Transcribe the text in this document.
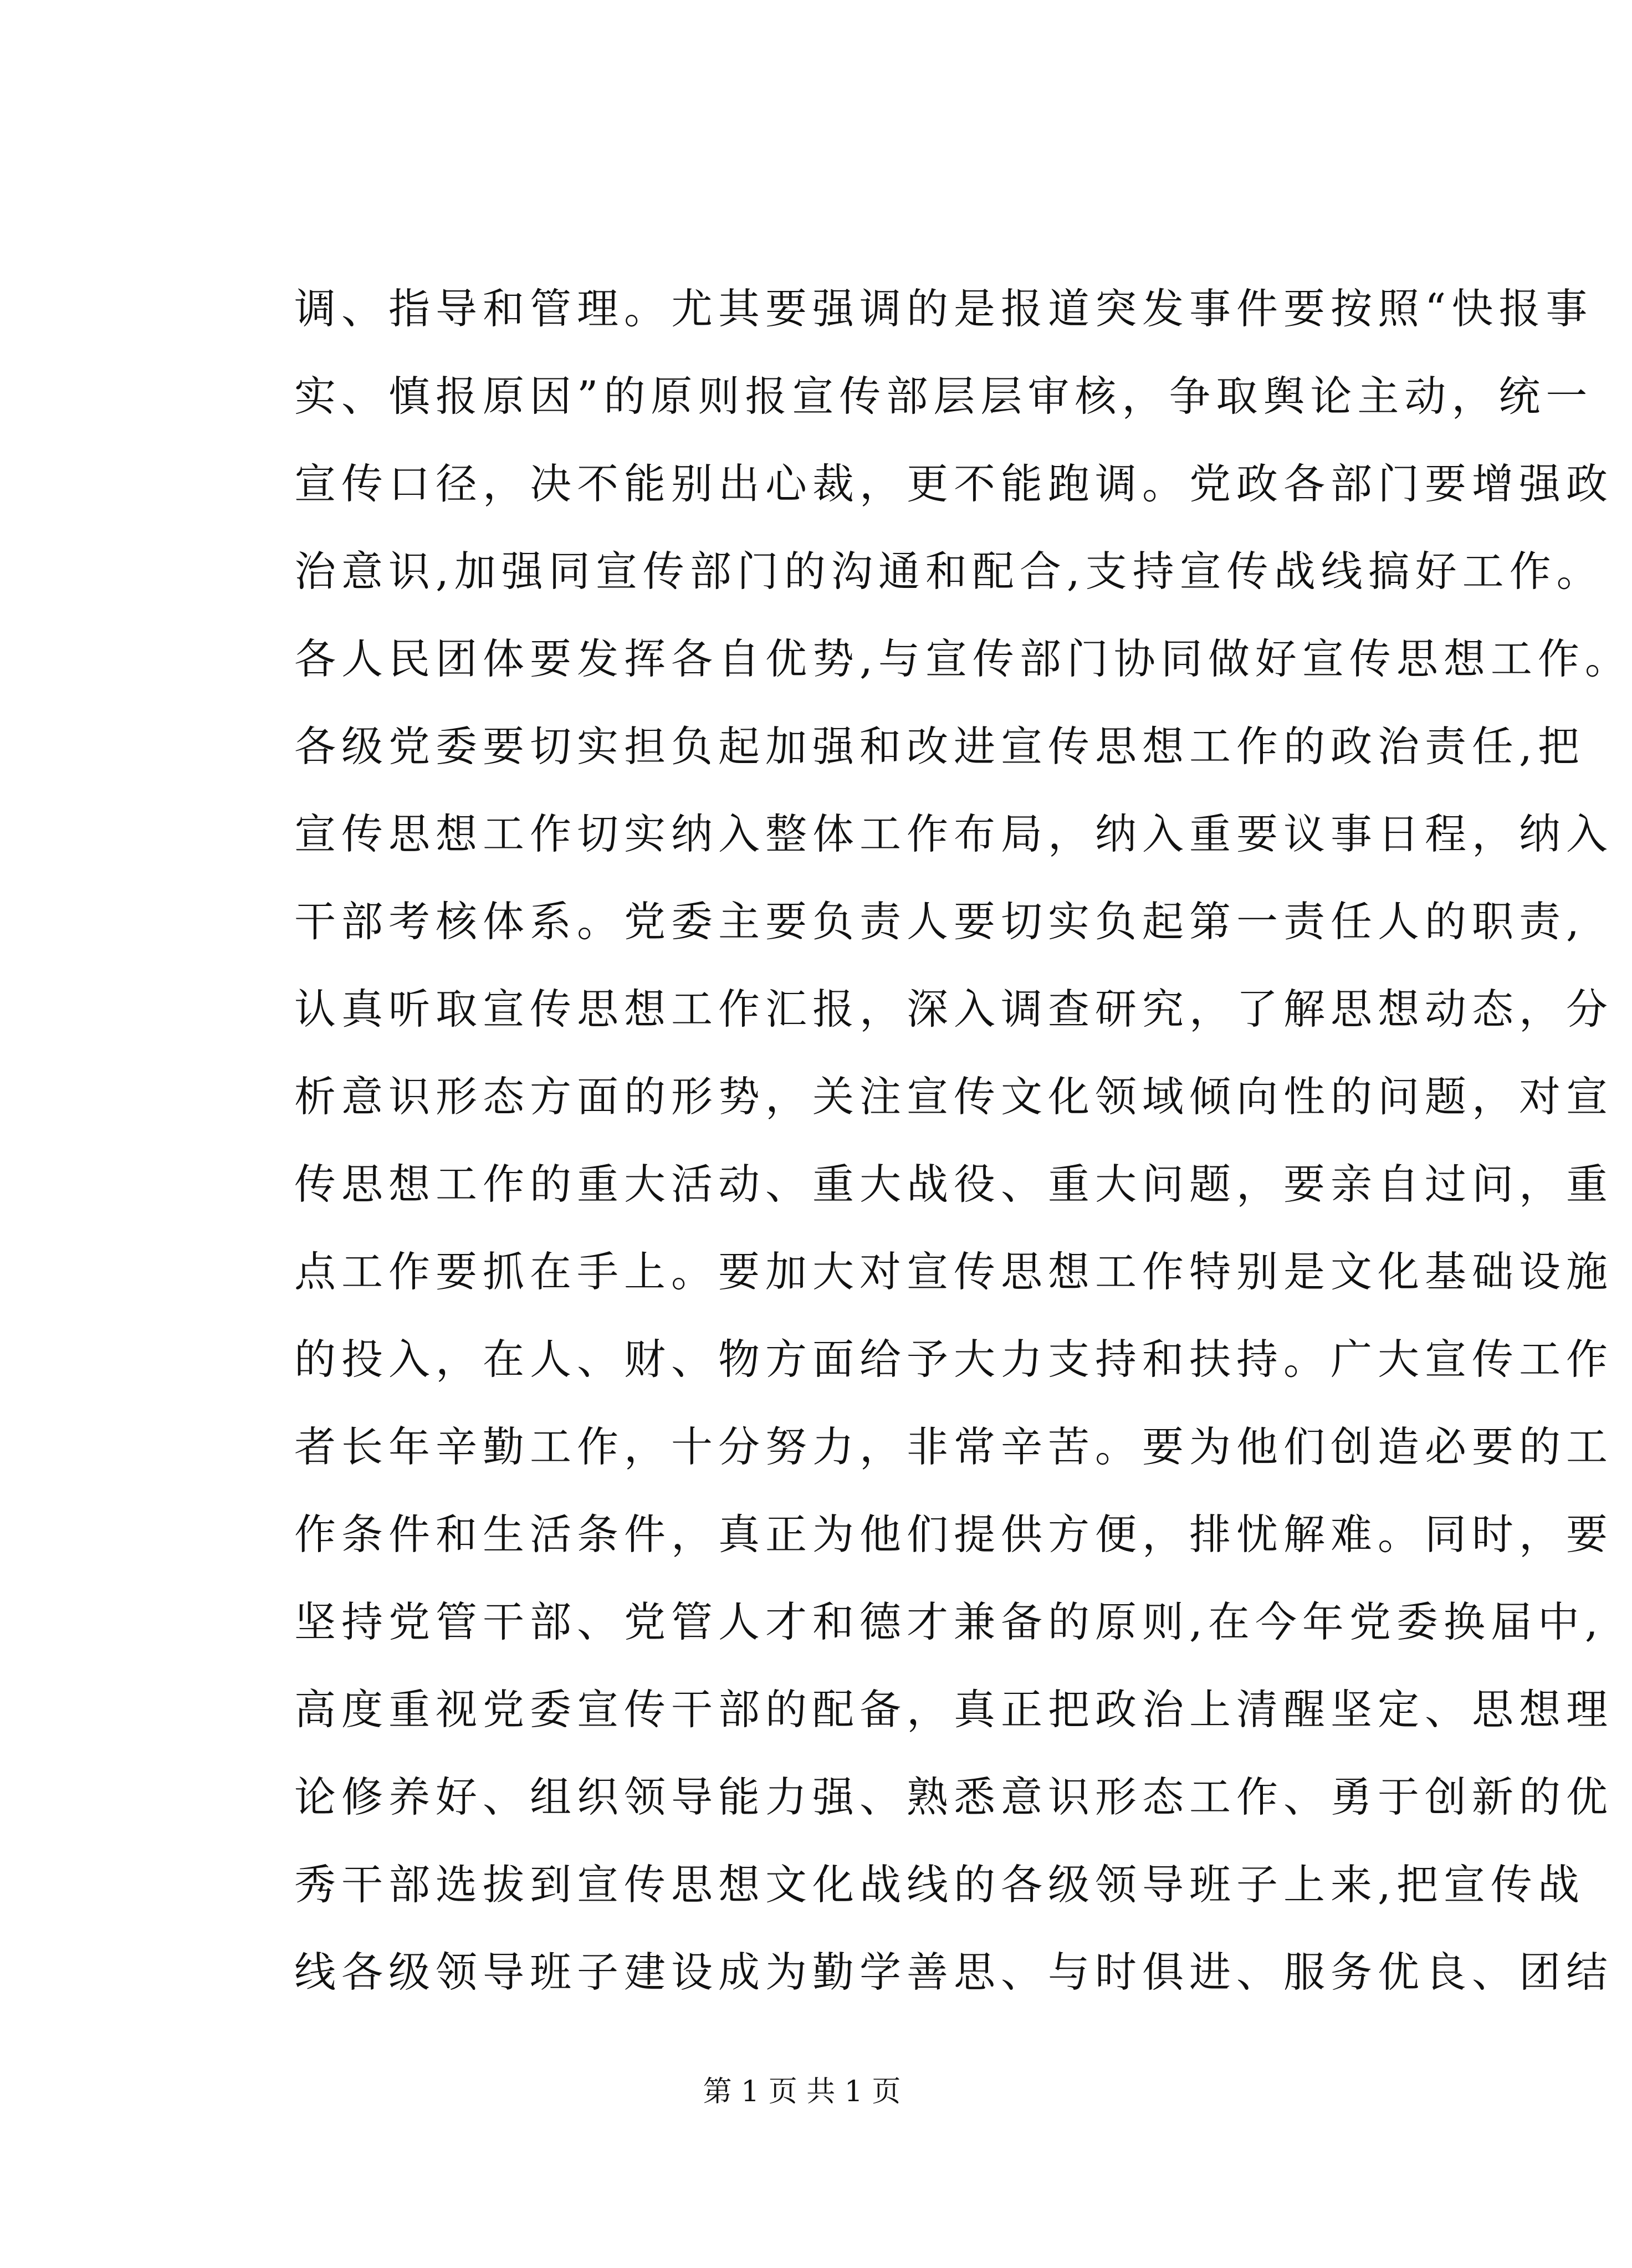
调、指导和管理。尤其要强调的是报道突发事件要按照“快报事
实、慎报原因”的原则报宣传部层层审核，争取舆论主动，统一
宣传口径，决不能别出心裁，更不能跑调。党政各部门要增强政
治意识,加强同宣传部门的沟通和配合,支持宣传战线搞好工作。
各人民团体要发挥各自优势,与宣传部门协同做好宣传思想工作。
各级党委要切实担负起加强和改进宣传思想工作的政治责任,把
宣传思想工作切实纳入整体工作布局，纳入重要议事日程，纳入
干部考核体系。党委主要负责人要切实负起第一责任人的职责,
认真听取宣传思想工作汇报，深入调查研究，了解思想动态，分
析意识形态方面的形势，关注宣传文化领域倾向性的问题，对宣
传思想工作的重大活动、重大战役、重大问题，要亲自过问，重
点工作要抓在手上。要加大对宣传思想工作特别是文化基础设施
的投入，在人、财、物方面给予大力支持和扶持。广大宣传工作
者长年辛勤工作，十分努力，非常辛苦。要为他们创造必要的工
作条件和生活条件，真正为他们提供方便，排忧解难。同时，要
坚持党管干部、党管人才和德才兼备的原则,在今年党委换届中,
高度重视党委宣传干部的配备，真正把政治上清醒坚定、思想理
论修养好、组织领导能力强、熟悉意识形态工作、勇于创新的优
秀干部选拔到宣传思想文化战线的各级领导班子上来,把宣传战
线各级领导班子建设成为勤学善思、与时俱进、服务优良、团结
第 1 页 共 1 页
